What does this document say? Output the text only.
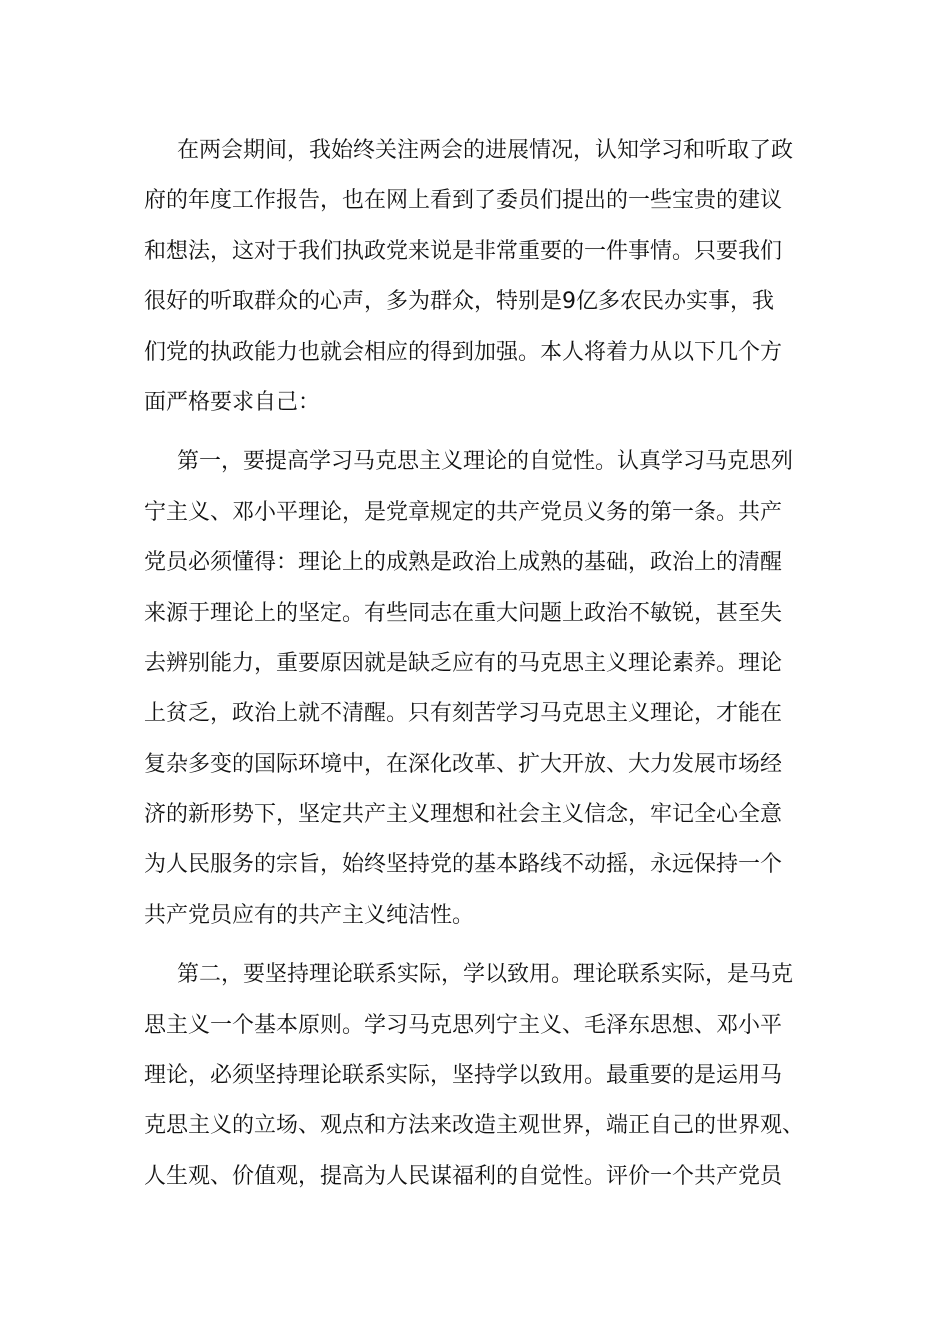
在两会期间，我始终关注两会的进展情况，认知学习和听取了政
府的年度工作报告，也在网上看到了委员们提出的一些宝贵的建议
和想法，这对于我们执政党来说是非常重要的一件事情。只要我们
很好的听取群众的心声，多为群众，特别是9亿多农民办实事，我
们党的执政能力也就会相应的得到加强。本人将着力从以下几个方
面严格要求自己：

第一，要提高学习马克思主义理论的自觉性。认真学习马克思列
宁主义、邓小平理论，是党章规定的共产党员义务的第一条。共产
党员必须懂得：理论上的成熟是政治上成熟的基础，政治上的清醒
来源于理论上的坚定。有些同志在重大问题上政治不敏锐，甚至失
去辨别能力，重要原因就是缺乏应有的马克思主义理论素养。理论
上贫乏，政治上就不清醒。只有刻苦学习马克思主义理论，才能在
复杂多变的国际环境中，在深化改革、扩大开放、大力发展市场经
济的新形势下，坚定共产主义理想和社会主义信念，牢记全心全意
为人民服务的宗旨，始终坚持党的基本路线不动摇，永远保持一个
共产党员应有的共产主义纯洁性。

第二，要坚持理论联系实际，学以致用。理论联系实际，是马克
思主义一个基本原则。学习马克思列宁主义、毛泽东思想、邓小平
理论，必须坚持理论联系实际，坚持学以致用。最重要的是运用马
克思主义的立场、观点和方法来改造主观世界，端正自己的世界观、
人生观、价值观，提高为人民谋福利的自觉性。评价一个共产党员
